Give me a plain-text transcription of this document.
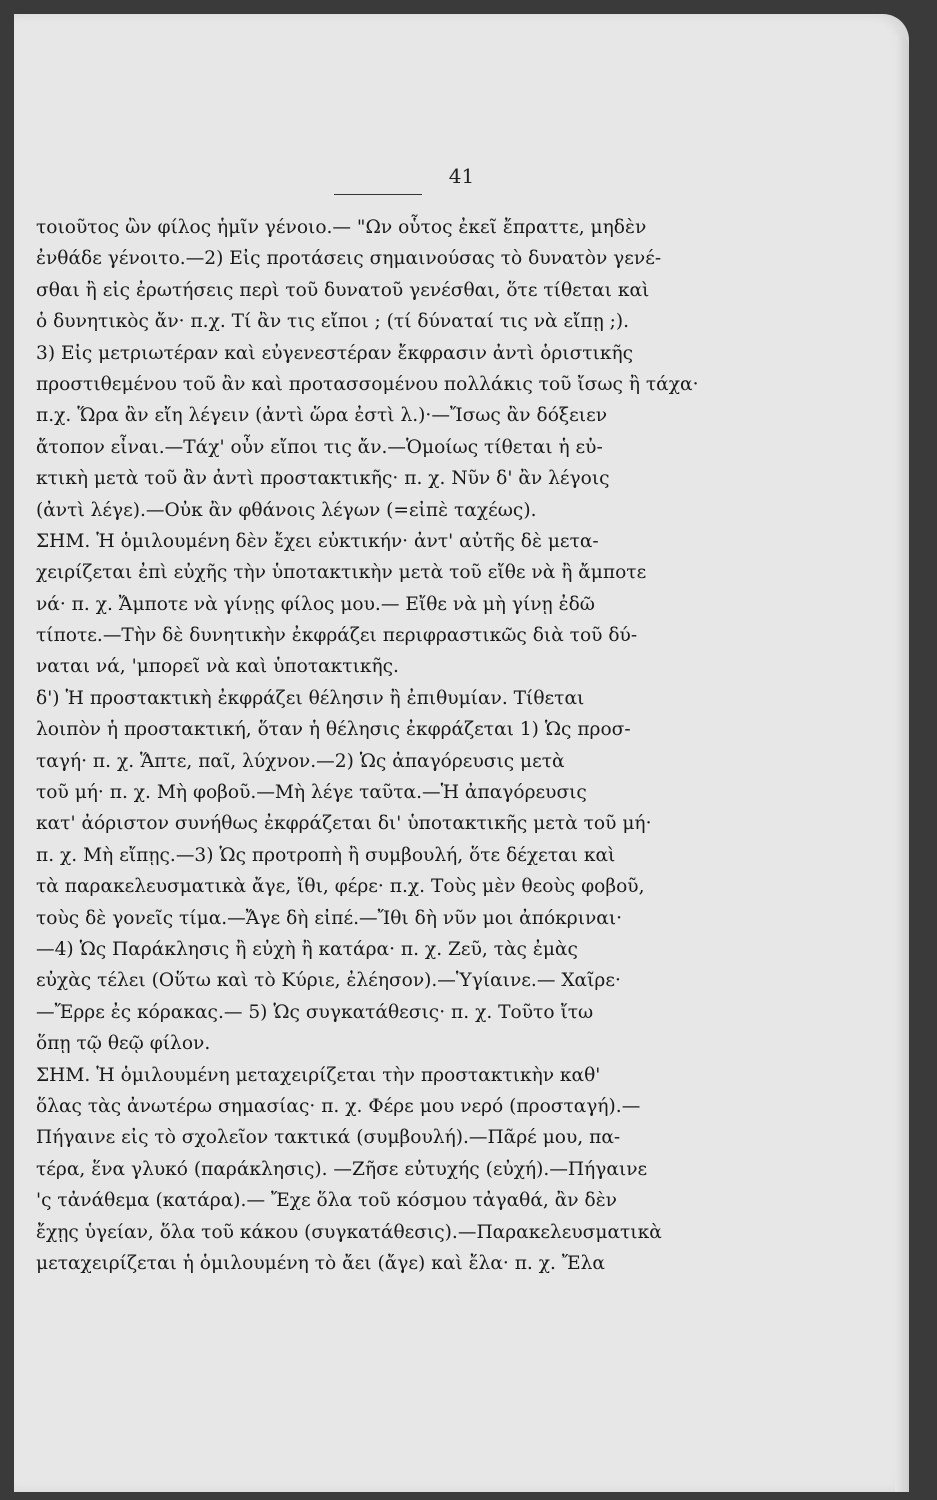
41
τοιοῦτος ὢν φίλος ἡμῖν γένοιο.— "Ων οὗτος ἐκεῖ ἔπραττε, μηδὲν
ἐνθάδε γένοιτο.—2) Εἰς προτάσεις σημαινούσας τὸ δυνατὸν γενέ-
σθαι ἢ εἰς ἐρωτήσεις περὶ τοῦ δυνατοῦ γενέσθαι, ὅτε τίθεται καὶ
ὁ δυνητικὸς ἄν· π.χ. Τί ἂν τις εἴποι ; (τί δύναταί τις νὰ εἴπῃ ;).
3) Εἰς μετριωτέραν καὶ εὐγενεστέραν ἔκφρασιν ἀντὶ ὁριστικῆς
προστιθεμένου τοῦ ἂν καὶ προτασσομένου πολλάκις τοῦ ἴσως ἢ τάχα·
π.χ. Ὥρα ἂν εἴη λέγειν (ἀντὶ ὥρα ἐστὶ λ.)·—Ἴσως ἂν δόξειεν
ἄτοπον εἶναι.—Τάχ' οὖν εἴποι τις ἄν.—Ὁμοίως τίθεται ἡ εὐ-
κτικὴ μετὰ τοῦ ἂν ἀντὶ προστακτικῆς· π. χ. Νῦν δ' ἂν λέγοις
(ἀντὶ λέγε).—Οὐκ ἂν φθάνοις λέγων (=εἰπὲ ταχέως).
ΣΗΜ. Ἡ ὁμιλουμένη δὲν ἔχει εὐκτικήν· ἀντ' αὐτῆς δὲ μετα-
χειρίζεται ἐπὶ εὐχῆς τὴν ὑποτακτικὴν μετὰ τοῦ εἴθε νὰ ἢ ἄμποτε
νά· π. χ. Ἄμποτε νὰ γίνῃς φίλος μου.— Εἴθε νὰ μὴ γίνῃ ἐδῶ
τίποτε.—Τὴν δὲ δυνητικὴν ἐκφράζει περιφραστικῶς διὰ τοῦ δύ-
ναται νά, 'μπορεῖ νὰ καὶ ὑποτακτικῆς.
δ') Ἡ προστακτικὴ ἐκφράζει θέλησιν ἢ ἐπιθυμίαν. Τίθεται
λοιπὸν ἡ προστακτική, ὅταν ἡ θέλησις ἐκφράζεται 1) Ὡς προσ-
ταγή· π. χ. Ἅπτε, παῖ, λύχνον.—2) Ὡς ἀπαγόρευσις μετὰ
τοῦ μή· π. χ. Μὴ φοβοῦ.—Μὴ λέγε ταῦτα.—Ἡ ἀπαγόρευσις
κατ' ἀόριστον συνήθως ἐκφράζεται δι' ὑποτακτικῆς μετὰ τοῦ μή·
π. χ. Μὴ εἴπῃς.—3) Ὡς προτροπὴ ἢ συμβουλή, ὅτε δέχεται καὶ
τὰ παρακελευσματικὰ ἄγε, ἴθι, φέρε· π.χ. Τοὺς μὲν θεοὺς φοβοῦ,
τοὺς δὲ γονεῖς τίμα.—Ἄγε δὴ εἰπέ.—Ἴθι δὴ νῦν μοι ἀπόκριναι·
—4) Ὡς Παράκλησις ἢ εὐχὴ ἢ κατάρα· π. χ. Ζεῦ, τὰς ἐμὰς
εὐχὰς τέλει (Οὕτω καὶ τὸ Κύριε, ἐλέησον).—Ὑγίαινε.— Χαῖρε·
—Ἔρρε ἐς κόρακας.— 5) Ὡς συγκατάθεσις· π. χ. Τοῦτο ἴτω
ὅπῃ τῷ θεῷ φίλον.
ΣΗΜ. Ἡ ὁμιλουμένη μεταχειρίζεται τὴν προστακτικὴν καθ'
ὅλας τὰς ἀνωτέρω σημασίας· π. χ. Φέρε μου νερό (προσταγή).—
Πήγαινε εἰς τὸ σχολεῖον τακτικά (συμβουλή).—Πᾶρέ μου, πα-
τέρα, ἕνα γλυκό (παράκλησις). —Ζῆσε εὐτυχής (εὐχή).—Πήγαινε
'ς τἀνάθεμα (κατάρα).— Ἔχε ὅλα τοῦ κόσμου τἀγαθά, ἂν δὲν
ἔχῃς ὑγείαν, ὅλα τοῦ κάκου (συγκατάθεσις).—Παρακελευσματικὰ
μεταχειρίζεται ἡ ὁμιλουμένη τὸ ἄει (ἄγε) καὶ ἔλα· π. χ. Ἔλα
